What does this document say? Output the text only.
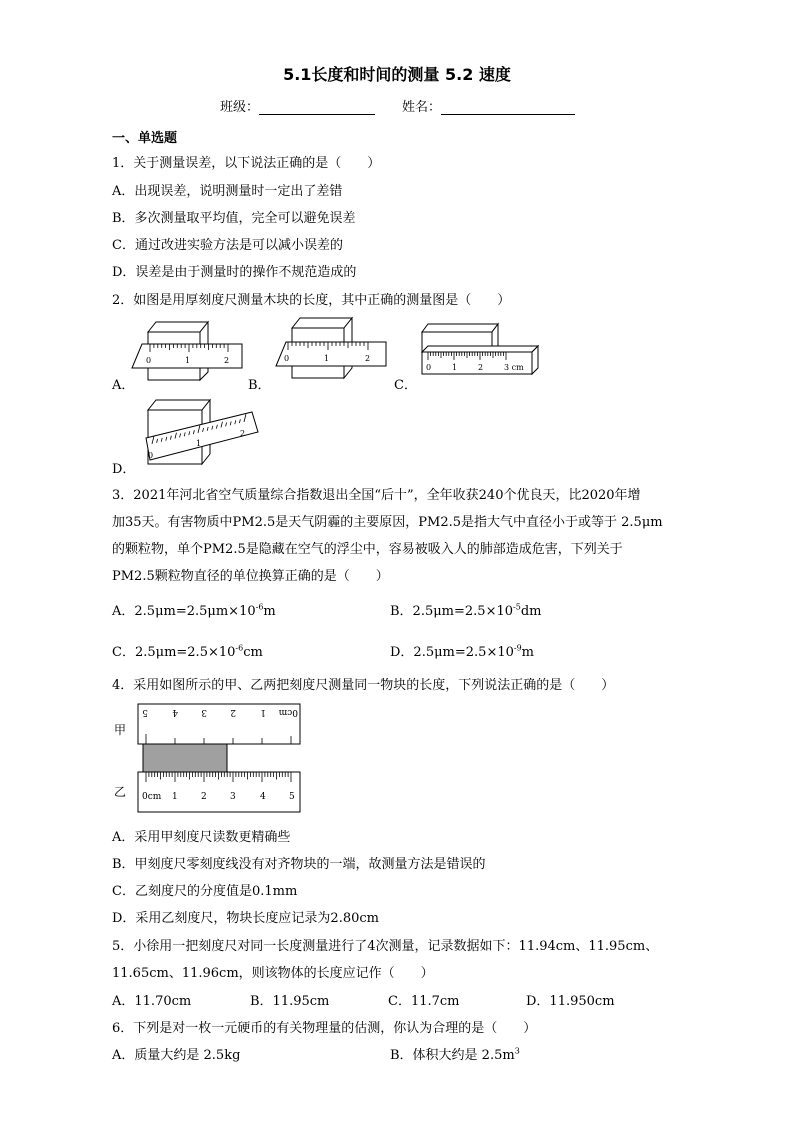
5.1长度和时间的测量 5.2 速度
班级：	姓名：
一、单选题
1．关于测量误差，以下说法正确的是（　　）
A．出现误差，说明测量时一定出了差错
B．多次测量取平均值，完全可以避免误差
C．通过改进实验方法是可以减小误差的
D．误差是由于测量时的操作不规范造成的
2．如图是用厚刻度尺测量木块的长度，其中正确的测量图是（　　）
0	1	2
A．
0	1	2
B．
0	1	2	3 cm
C．
0
1
2
D．
3．2021年河北省空气质量综合指数退出全国“后十”，全年收获240个优良天，比2020年增
加35天。有害物质中PM2.5是天气阴霾的主要原因，PM2.5是指大气中直径小于或等于 2.5μm
的颗粒物，单个PM2.5是隐藏在空气的浮尘中，容易被吸入人的肺部造成危害，下列关于
PM2.5颗粒物直径的单位换算正确的是（　　）
A．$2.5\mu m=2.5\mu m\times 10^{-6}m$	B．$2.5\mu m=2.5\times 10^{-5}dm$
C．$2.5\mu m=2.5\times 10^{-6}cm$	D．$2.5\mu m=2.5\times 10^{-9}m$
4．采用如图所示的甲、乙两把刻度尺测量同一物块的长度，下列说法正确的是（　　）
甲
5	4	3	2	1 0cm
乙 0cm 1	2	3	4	5
A．采用甲刻度尺读数更精确些
B．甲刻度尺零刻度线没有对齐物块的一端，故测量方法是错误的
C．乙刻度尺的分度值是0.1mm
D．采用乙刻度尺，物块长度应记录为2.80cm
5．小徐用一把刻度尺对同一长度测量进行了4次测量，记录数据如下：11.94cm、11.95cm、
11.65cm、11.96cm，则该物体的长度应记作（　　）
A．11.70cm	B．11.95cm	C．11.7cm	D．11.950cm
6．下列是对一枚一元硬币的有关物理量的估测，你认为合理的是（　　）
A．质量大约是 2.5kg	B．体积大约是 $2.5m^3$
